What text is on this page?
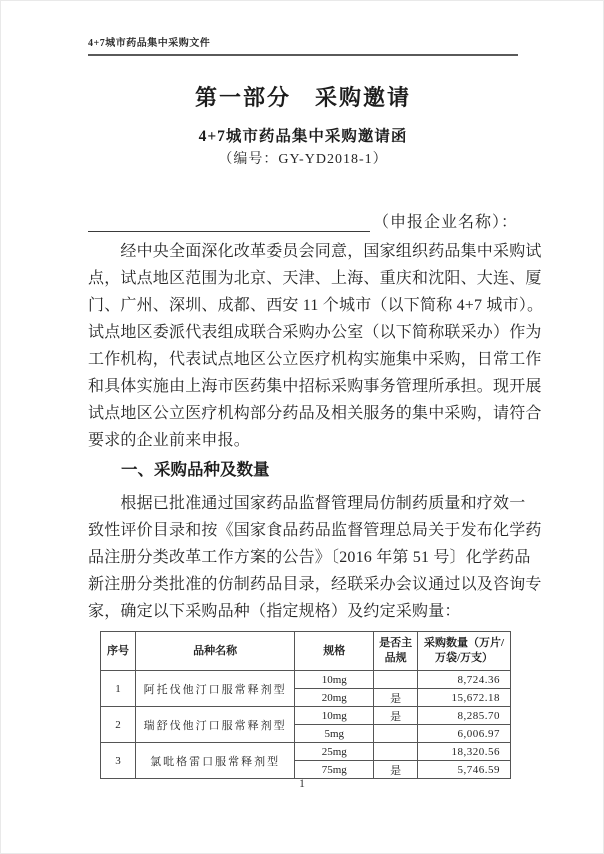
4+7城市药品集中采购文件
第一部分　采购邀请
4+7城市药品集中采购邀请函
（编号：GY-YD2018-1）
（申报企业名称）：
　　经中央全面深化改革委员会同意，国家组织药品集中采购试
点，试点地区范围为北京、天津、上海、重庆和沈阳、大连、厦
门、广州、深圳、成都、西安 11 个城市（以下简称 4+7 城市）。
试点地区委派代表组成联合采购办公室（以下简称联采办）作为
工作机构，代表试点地区公立医疗机构实施集中采购，日常工作
和具体实施由上海市医药集中招标采购事务管理所承担。现开展
试点地区公立医疗机构部分药品及相关服务的集中采购，请符合
要求的企业前来申报。
一、采购品种及数量
　　根据已批准通过国家药品监督管理局仿制药质量和疗效一
致性评价目录和按《国家食品药品监督管理总局关于发布化学药
品注册分类改革工作方案的公告》〔2016 年第 51 号〕化学药品
新注册分类批准的仿制药品目录，经联采办会议通过以及咨询专
家，确定以下采购品种（指定规格）及约定采购量：
序号	品种名称	规格	是否主品规	采购数量（万片/万袋/万支）
1	阿托伐他汀口服常释剂型	10mg		8,724.36
		20mg	是	15,672.18
2	瑞舒伐他汀口服常释剂型	10mg	是	8,285.70
		5mg		6,006.97
3	氯吡格雷口服常释剂型	25mg		18,320.56
		75mg	是	5,746.59
1
